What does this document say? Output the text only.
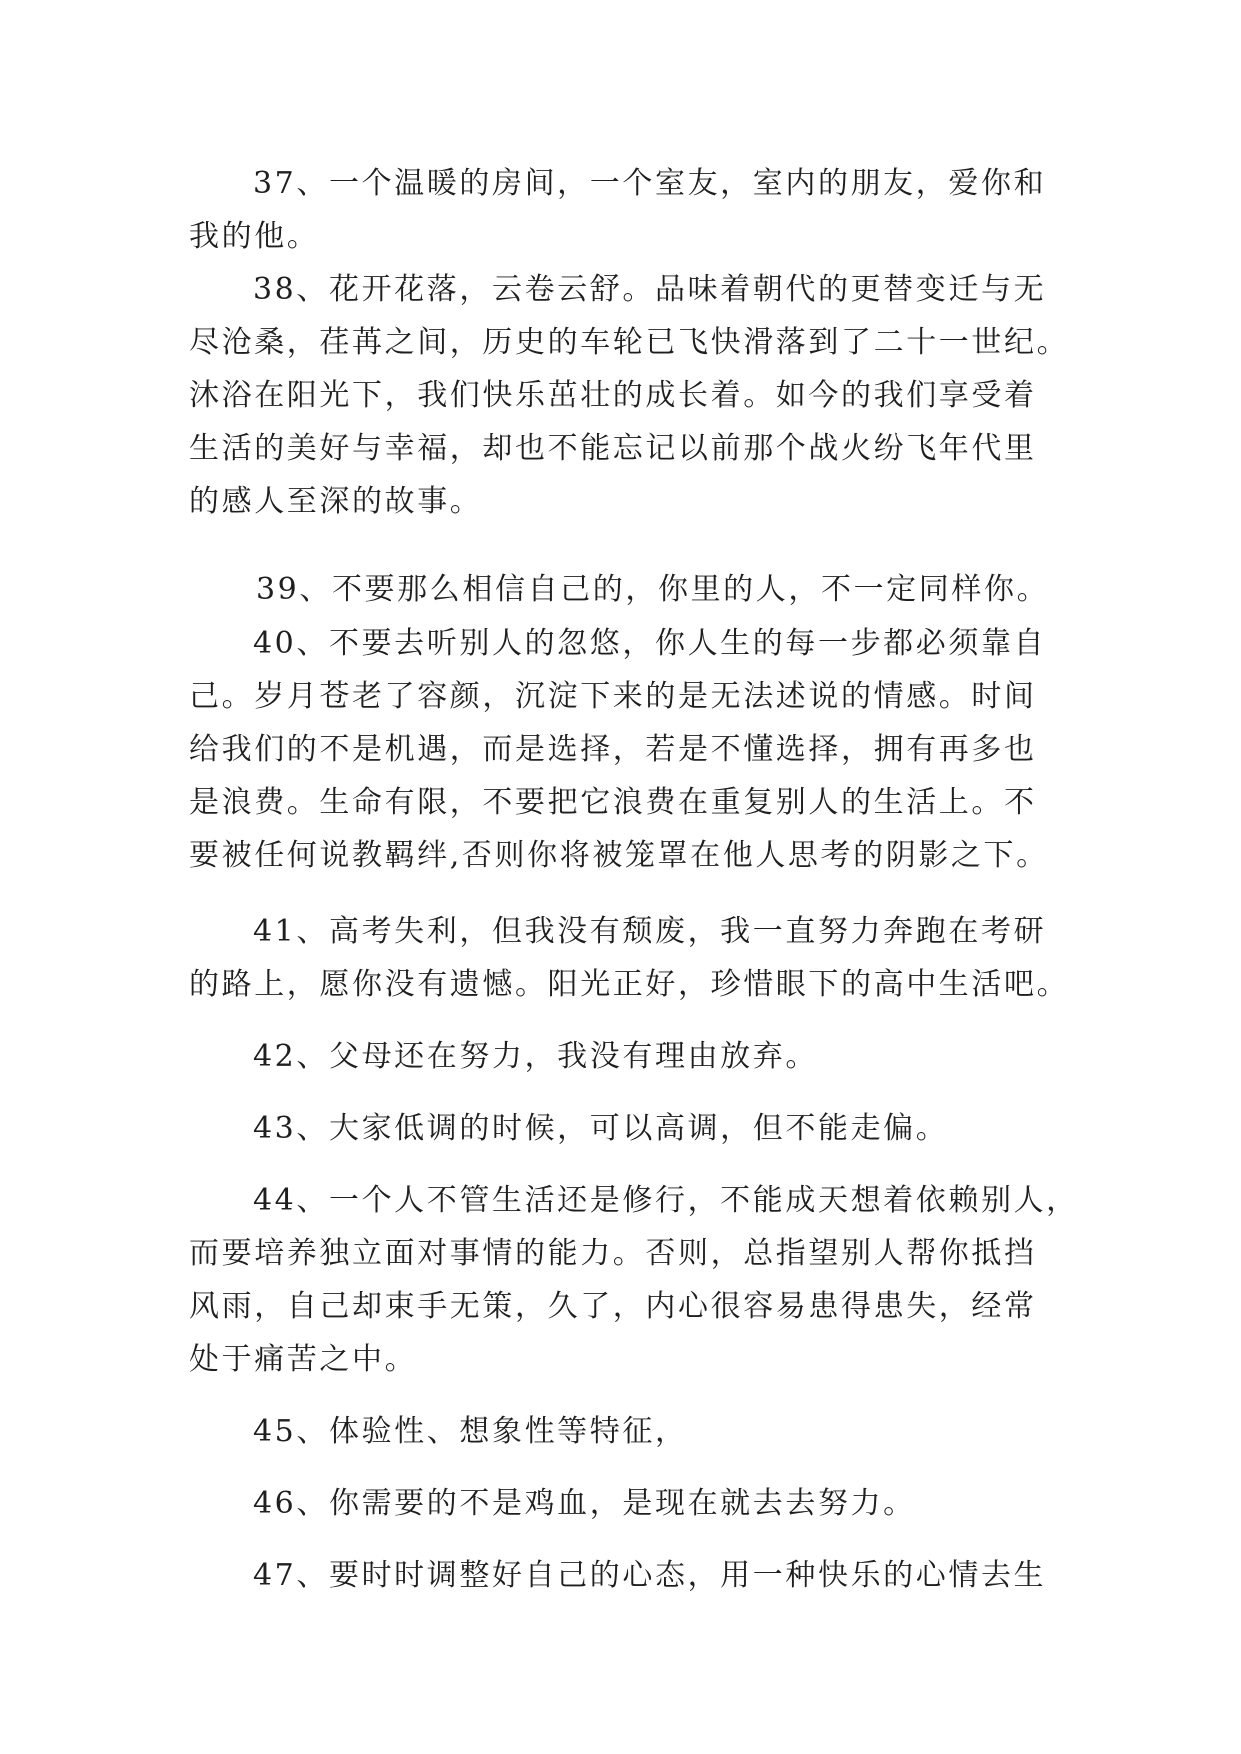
37、一个温暖的房间，一个室友，室内的朋友，爱你和
我的他。
38、花开花落，云卷云舒。品味着朝代的更替变迁与无
尽沧桑，荏苒之间，历史的车轮已飞快滑落到了二十一世纪。
沐浴在阳光下，我们快乐茁壮的成长着。如今的我们享受着
生活的美好与幸福，却也不能忘记以前那个战火纷飞年代里
的感人至深的故事。
39、不要那么相信自己的，你里的人，不一定同样你。
40、不要去听别人的忽悠，你人生的每一步都必须靠自
己。岁月苍老了容颜，沉淀下来的是无法述说的情感。时间
给我们的不是机遇，而是选择，若是不懂选择，拥有再多也
是浪费。生命有限，不要把它浪费在重复别人的生活上。不
要被任何说教羁绊,否则你将被笼罩在他人思考的阴影之下。
41、高考失利，但我没有颓废，我一直努力奔跑在考研
的路上，愿你没有遗憾。阳光正好，珍惜眼下的高中生活吧。
42、父母还在努力，我没有理由放弃。
43、大家低调的时候，可以高调，但不能走偏。
44、一个人不管生活还是修行，不能成天想着依赖别人，
而要培养独立面对事情的能力。否则，总指望别人帮你抵挡
风雨，自己却束手无策，久了，内心很容易患得患失，经常
处于痛苦之中。
45、体验性、想象性等特征，
46、你需要的不是鸡血，是现在就去去努力。
47、要时时调整好自己的心态，用一种快乐的心情去生
